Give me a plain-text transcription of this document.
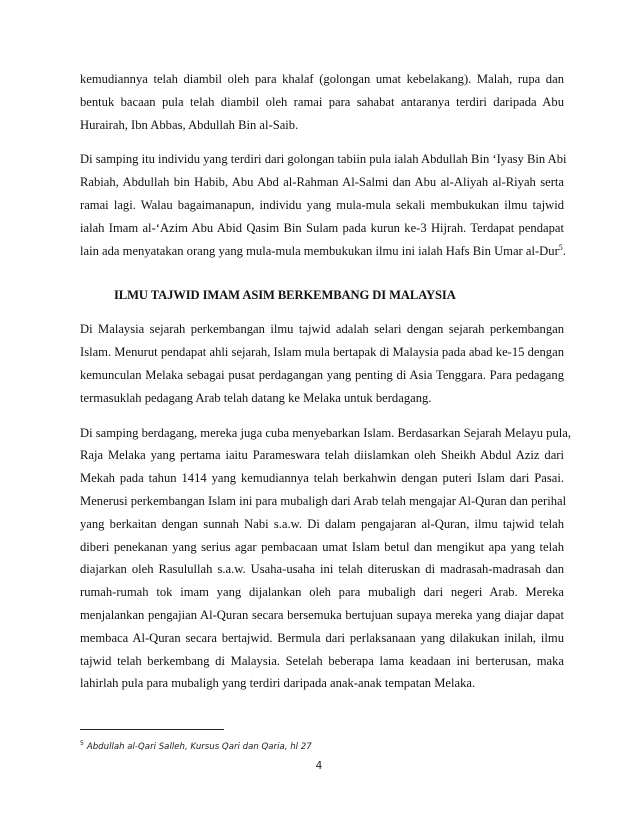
kemudiannya telah diambil oleh para khalaf (golongan umat kebelakang). Malah, rupa dan
bentuk bacaan pula telah diambil oleh ramai para sahabat antaranya terdiri daripada Abu
Hurairah, Ibn Abbas, Abdullah Bin al-Saib.

Di samping itu individu yang terdiri dari golongan tabiin pula ialah Abdullah Bin ‘Iyasy Bin Abi
Rabiah, Abdullah bin Habib, Abu Abd al-Rahman Al-Salmi dan Abu al-Aliyah al-Riyah serta
ramai lagi. Walau bagaimanapun, individu yang mula-mula sekali membukukan ilmu tajwid
ialah Imam al-‘Azim Abu Abid Qasim Bin Sulam pada kurun ke-3 Hijrah. Terdapat pendapat
lain ada menyatakan orang yang mula-mula membukukan ilmu ini ialah Hafs Bin Umar al-Dur$^5$.

ILMU TAJWID IMAM ASIM BERKEMBANG DI MALAYSIA

Di Malaysia sejarah perkembangan ilmu tajwid adalah selari dengan sejarah perkembangan
Islam. Menurut pendapat ahli sejarah, Islam mula bertapak di Malaysia pada abad ke-15 dengan
kemunculan Melaka sebagai pusat perdagangan yang penting di Asia Tenggara. Para pedagang
termasuklah pedagang Arab telah datang ke Melaka untuk berdagang.

Di samping berdagang, mereka juga cuba menyebarkan Islam. Berdasarkan Sejarah Melayu pula,
Raja Melaka yang pertama iaitu Parameswara telah diislamkan oleh Sheikh Abdul Aziz dari
Mekah pada tahun 1414 yang kemudiannya telah berkahwin dengan puteri Islam dari Pasai.
Menerusi perkembangan Islam ini para mubaligh dari Arab telah mengajar Al-Quran dan perihal
yang berkaitan dengan sunnah Nabi s.a.w. Di dalam pengajaran al-Quran, ilmu tajwid telah
diberi penekanan yang serius agar pembacaan umat Islam betul dan mengikut apa yang telah
diajarkan oleh Rasulullah s.a.w. Usaha-usaha ini telah diteruskan di madrasah-madrasah dan
rumah-rumah tok imam yang dijalankan oleh para mubaligh dari negeri Arab. Mereka
menjalankan pengajian Al-Quran secara bersemuka bertujuan supaya mereka yang diajar dapat
membaca Al-Quran secara bertajwid. Bermula dari perlaksanaan yang dilakukan inilah, ilmu
tajwid telah berkembang di Malaysia. Setelah beberapa lama keadaan ini berterusan, maka
lahirlah pula para mubaligh yang terdiri daripada anak-anak tempatan Melaka.

$^5$ Abdullah al-Qari Salleh, Kursus Qari dan Qaria, hl 27
4
